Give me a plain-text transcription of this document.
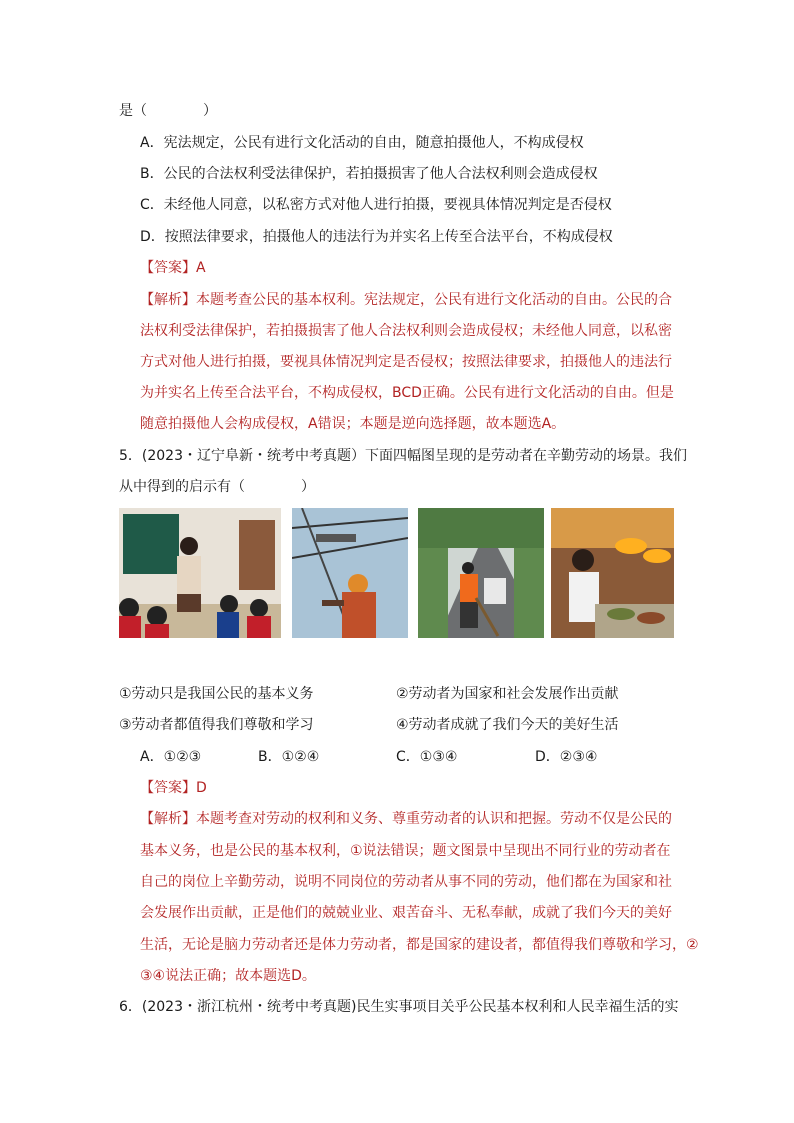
是（　　　　）
A．宪法规定，公民有进行文化活动的自由，随意拍摄他人，不构成侵权
B．公民的合法权利受法律保护，若拍摄损害了他人合法权利则会造成侵权
C．未经他人同意，以私密方式对他人进行拍摄，要视具体情况判定是否侵权
D．按照法律要求，拍摄他人的违法行为并实名上传至合法平台，不构成侵权
【答案】A
【解析】本题考查公民的基本权利。宪法规定，公民有进行文化活动的自由。公民的合
法权利受法律保护，若拍摄损害了他人合法权利则会造成侵权；未经他人同意，以私密
方式对他人进行拍摄，要视具体情况判定是否侵权；按照法律要求，拍摄他人的违法行
为并实名上传至合法平台，不构成侵权，BCD正确。公民有进行文化活动的自由。但是
随意拍摄他人会构成侵权，A错误；本题是逆向选择题，故本题选A。
5．(2023・辽宁阜新・统考中考真题）下面四幅图呈现的是劳动者在辛勤劳动的场景。我们
从中得到的启示有（　　　　）
①劳动只是我国公民的基本义务	②劳动者为国家和社会发展作出贡献
③劳动者都值得我们尊敬和学习	④劳动者成就了我们今天的美好生活
A．①②③	B．①②④	C．①③④	D．②③④
【答案】D
【解析】本题考查对劳动的权利和义务、尊重劳动者的认识和把握。劳动不仅是公民的
基本义务，也是公民的基本权利，①说法错误；题文图景中呈现出不同行业的劳动者在
自己的岗位上辛勤劳动，说明不同岗位的劳动者从事不同的劳动，他们都在为国家和社
会发展作出贡献，正是他们的兢兢业业、艰苦奋斗、无私奉献，成就了我们今天的美好
生活，无论是脑力劳动者还是体力劳动者，都是国家的建设者，都值得我们尊敬和学习，②
③④说法正确；故本题选D。
6．(2023・浙江杭州・统考中考真题)民生实事项目关乎公民基本权利和人民幸福生活的实
